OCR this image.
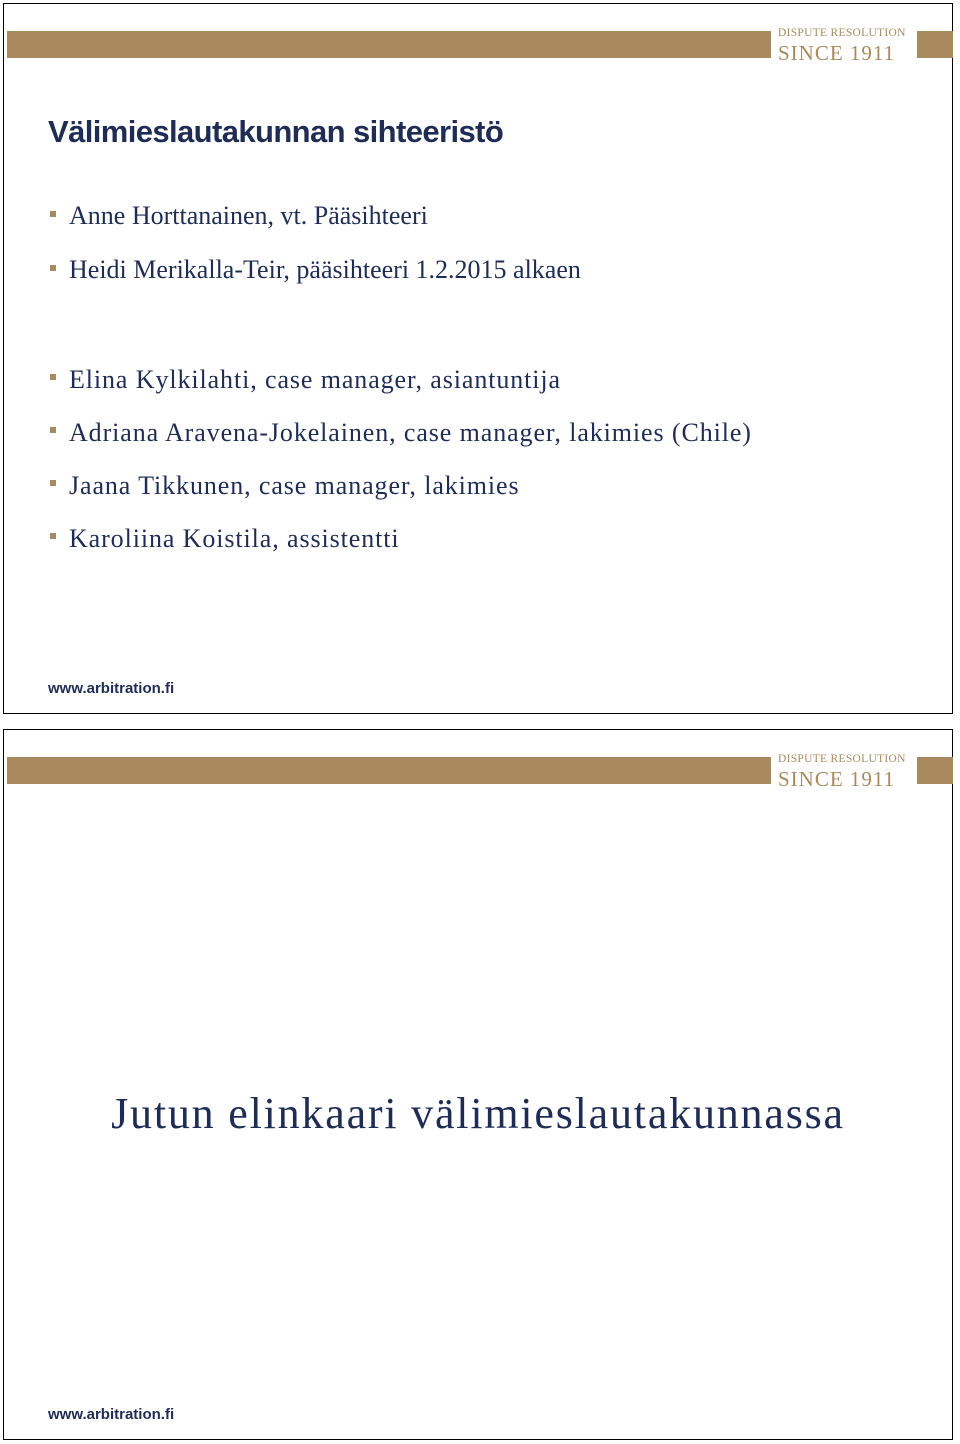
DISPUTE RESOLUTION
SINCE 1911
Välimieslautakunnan sihteeristö
Anne Horttanainen, vt. Pääsihteeri
Heidi Merikalla-Teir, pääsihteeri 1.2.2015 alkaen
Elina Kylkilahti, case manager, asiantuntija
Adriana Aravena-Jokelainen, case manager, lakimies (Chile)
Jaana Tikkunen, case manager, lakimies
Karoliina Koistila, assistentti
www.arbitration.fi
DISPUTE RESOLUTION
SINCE 1911
Jutun elinkaari välimieslautakunnassa
www.arbitration.fi
